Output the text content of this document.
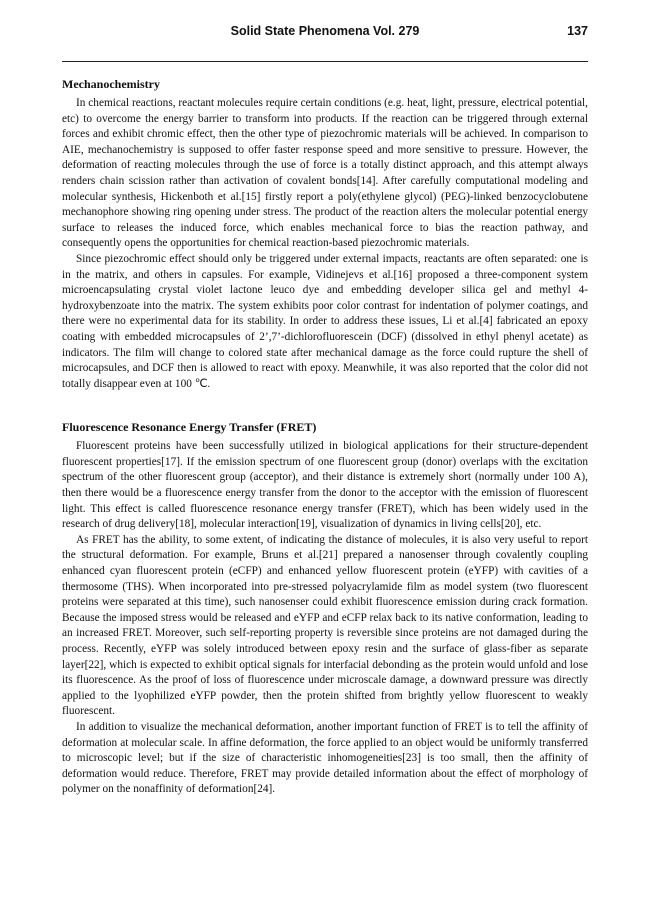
Solid State Phenomena Vol. 279	137
Mechanochemistry

In chemical reactions, reactant molecules require certain conditions (e.g. heat, light, pressure, electrical potential, etc) to overcome the energy barrier to transform into products. If the reaction can be triggered through external forces and exhibit chromic effect, then the other type of piezochromic materials will be achieved. In comparison to AIE, mechanochemistry is supposed to offer faster response speed and more sensitive to pressure. However, the deformation of reacting molecules through the use of force is a totally distinct approach, and this attempt always renders chain scission rather than activation of covalent bonds[14]. After carefully computational modeling and molecular synthesis, Hickenboth et al.[15] firstly report a poly(ethylene glycol) (PEG)-linked benzocyclobutene mechanophore showing ring opening under stress. The product of the reaction alters the molecular potential energy surface to releases the induced force, which enables mechanical force to bias the reaction pathway, and consequently opens the opportunities for chemical reaction-based piezochromic materials.

Since piezochromic effect should only be triggered under external impacts, reactants are often separated: one is in the matrix, and others in capsules. For example, Vidinejevs et al.[16] proposed a three-component system microencapsulating crystal violet lactone leuco dye and embedding developer silica gel and methyl 4-hydroxybenzoate into the matrix. The system exhibits poor color contrast for indentation of polymer coatings, and there were no experimental data for its stability. In order to address these issues, Li et al.[4] fabricated an epoxy coating with embedded microcapsules of 2’,7’-dichlorofluorescein (DCF) (dissolved in ethyl phenyl acetate) as indicators. The film will change to colored state after mechanical damage as the force could rupture the shell of microcapsules, and DCF then is allowed to react with epoxy. Meanwhile, it was also reported that the color did not totally disappear even at 100 ℃.

Fluorescence Resonance Energy Transfer (FRET)

Fluorescent proteins have been successfully utilized in biological applications for their structure-dependent fluorescent properties[17]. If the emission spectrum of one fluorescent group (donor) overlaps with the excitation spectrum of the other fluorescent group (acceptor), and their distance is extremely short (normally under 100 A), then there would be a fluorescence energy transfer from the donor to the acceptor with the emission of fluorescent light. This effect is called fluorescence resonance energy transfer (FRET), which has been widely used in the research of drug delivery[18], molecular interaction[19], visualization of dynamics in living cells[20], etc.

As FRET has the ability, to some extent, of indicating the distance of molecules, it is also very useful to report the structural deformation. For example, Bruns et al.[21] prepared a nanosenser through covalently coupling enhanced cyan fluorescent protein (eCFP) and enhanced yellow fluorescent protein (eYFP) with cavities of a thermosome (THS). When incorporated into pre-stressed polyacrylamide film as model system (two fluorescent proteins were separated at this time), such nanosenser could exhibit fluorescence emission during crack formation. Because the imposed stress would be released and eYFP and eCFP relax back to its native conformation, leading to an increased FRET. Moreover, such self-reporting property is reversible since proteins are not damaged during the process. Recently, eYFP was solely introduced between epoxy resin and the surface of glass-fiber as separate layer[22], which is expected to exhibit optical signals for interfacial debonding as the protein would unfold and lose its fluorescence. As the proof of loss of fluorescence under microscale damage, a downward pressure was directly applied to the lyophilized eYFP powder, then the protein shifted from brightly yellow fluorescent to weakly fluorescent.

In addition to visualize the mechanical deformation, another important function of FRET is to tell the affinity of deformation at molecular scale. In affine deformation, the force applied to an object would be uniformly transferred to microscopic level; but if the size of characteristic inhomogeneities[23] is too small, then the affinity of deformation would reduce. Therefore, FRET may provide detailed information about the effect of morphology of polymer on the nonaffinity of deformation[24].
